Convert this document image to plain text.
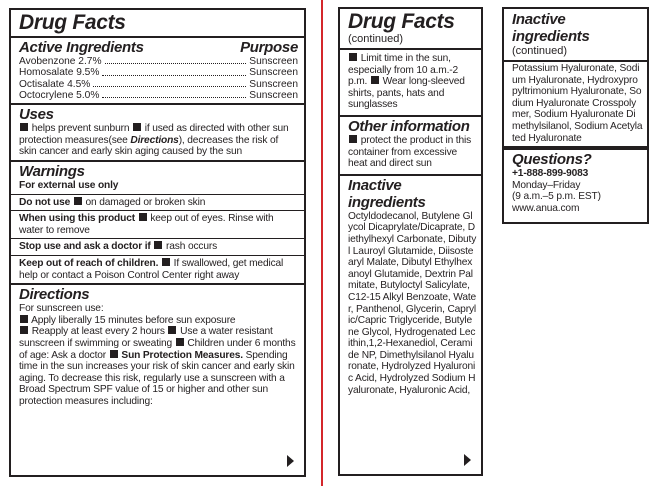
Drug Facts
Active Ingredients	Purpose
Avobenzone 2.7%	Sunscreen
Homosalate 9.5%	Sunscreen
Octisalate 4.5%	Sunscreen
Octocrylene 5.0%	Sunscreen
Uses
helps prevent sunburn if used as directed with other sun protection measures(see Directions), decreases the risk of skin cancer and early skin aging caused by the sun
Warnings
For external use only
Do not use on damaged or broken skin
When using this product keep out of eyes. Rinse with water to remove
Stop use and ask a doctor if rash occurs
Keep out of reach of children. If swallowed, get medical help or contact a Poison Control Center right away
Directions
For sunscreen use:
Apply liberally 15 minutes before sun exposure
Reapply at least every 2 hours Use a water resistant sunscreen if swimming or sweating Children under 6 months of age: Ask a doctor Sun Protection Measures. Spending time in the sun increases your risk of skin cancer and early skin aging. To decrease this risk, regularly use a sunscreen with a Broad Spectrum SPF value of 15 or higher and other sun protection measures including:
Drug Facts
(continued)
Limit time in the sun, especially from 10 a.m.-2 p.m. Wear long-sleeved shirts, pants, hats and sunglasses
Other information
protect the product in this container from excessive heat and direct sun
Inactive ingredients
Octyldodecanol, Butylene Glycol Dicaprylate/Dicaprate, Diethylhexyl Carbonate, Dibutyl Lauroyl Glutamide, Diisostearyl Malate, Dibutyl Ethylhexanoyl Glutamide, Dextrin Palmitate, Butyloctyl Salicylate, C12-15 Alkyl Benzoate, Water, Panthenol, Glycerin, Caprylic/Capric Triglyceride, Butylene Glycol, Hydrogenated Lecithin,1,2-Hexanediol, Ceramide NP, Dimethylsilanol Hyaluronate, Hydrolyzed Hyaluronic Acid, Hydrolyzed Sodium Hyaluronate, Hyaluronic Acid,
Inactive ingredients
(continued)
Potassium Hyaluronate, Sodium Hyaluronate, Hydroxypropyltrimonium Hyaluronate, Sodium Hyaluronate Crosspolymer, Sodium Hyaluronate Dimethylsilanol, Sodium Acetylated Hyaluronate
Questions?
+1-888-899-9083
Monday–Friday
(9 a.m.–5 p.m. EST)
www.anua.com
